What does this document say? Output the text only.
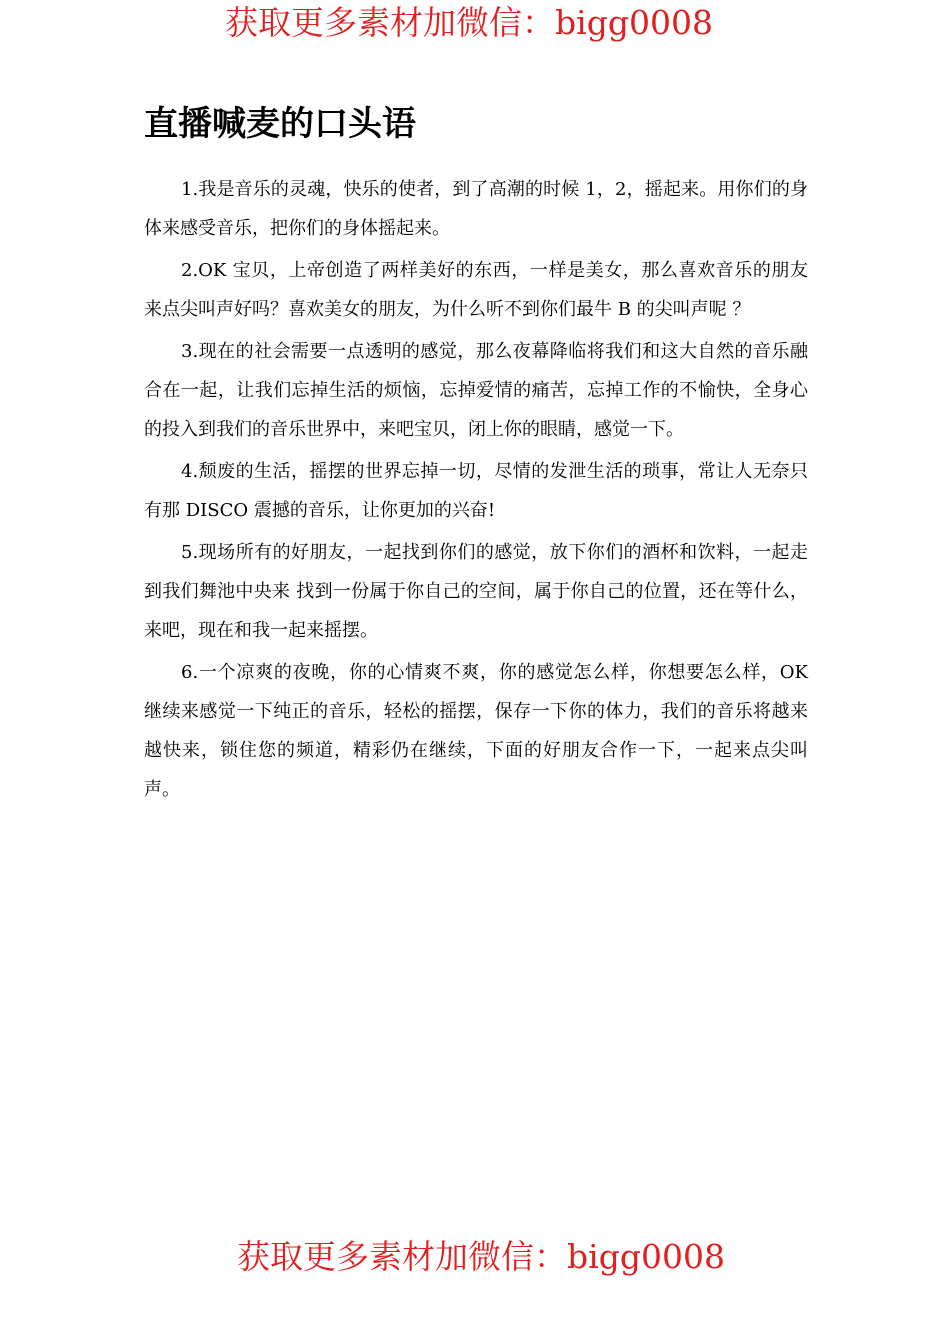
获取更多素材加微信：bigg0008
直播喊麦的口头语

1.我是音乐的灵魂，快乐的使者，到了高潮的时候 1，2，摇起来。用你们的身体来感受音乐，把你们的身体摇起来。

2.OK 宝贝，上帝创造了两样美好的东西，一样是美女，那么喜欢音乐的朋友来点尖叫声好吗？喜欢美女的朋友，为什么听不到你们最牛 B 的尖叫声呢 ？

3.现在的社会需要一点透明的感觉，那么夜幕降临将我们和这大自然的音乐融合在一起，让我们忘掉生活的烦恼，忘掉爱情的痛苦，忘掉工作的不愉快，全身心的投入到我们的音乐世界中，来吧宝贝，闭上你的眼睛，感觉一下。

4.颓废的生活，摇摆的世界忘掉一切，尽情的发泄生活的琐事，常让人无奈只有那 DISCO 震撼的音乐，让你更加的兴奋!

5.现场所有的好朋友，一起找到你们的感觉，放下你们的酒杯和饮料，一起走到我们舞池中央来 找到一份属于你自己的空间，属于你自己的位置，还在等什么，来吧，现在和我一起来摇摆。

6.一个凉爽的夜晚，你的心情爽不爽，你的感觉怎么样，你想要怎么样，OK 继续来感觉一下纯正的音乐，轻松的摇摆，保存一下你的体力，我们的音乐将越来越快来，锁住您的频道，精彩仍在继续，下面的好朋友合作一下，一起来点尖叫声。

获取更多素材加微信：bigg0008
